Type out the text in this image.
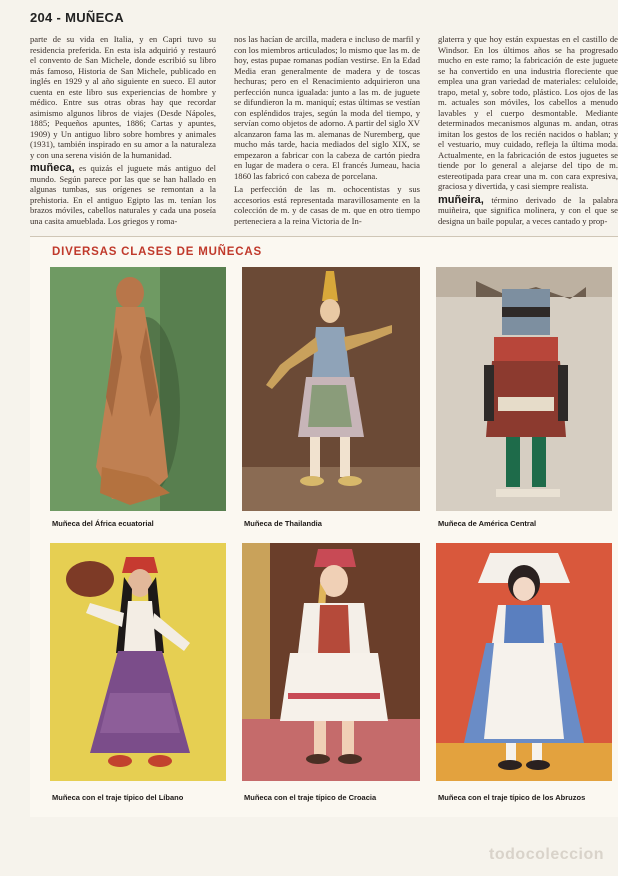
204 - MUÑECA

parte de su vida en Italia, y en Capri tuvo su residencia preferida. En esta isla adquirió y restauró el convento de San Michele, donde escribió su libro más famoso, Historia de San Michele, publicado en inglés en 1929 y al año siguiente en sueco. El autor cuenta en este libro sus experiencias de hombre y médico. Entre sus otras obras hay que recordar asimismo algunos libros de viajes (Desde Nápoles, 1885; Pequeños apuntes, 1886; Cartas y apuntes, 1909) y Un antiguo libro sobre hombres y animales (1931), también inspirado en su amor a la naturaleza y con una serena visión de la humanidad.

muñeca, es quizás el juguete más antiguo del mundo. Según parece por las que se han hallado en algunas tumbas, sus orígenes se remontan a la prehistoria. En el antiguo Egipto las m. tenían los brazos móviles, cabellos naturales y cada una poseía una casita amueblada. Los griegos y roma-

nos las hacían de arcilla, madera e incluso de marfil y con los miembros articulados; lo mismo que las m. de hoy, estas pupae romanas podían vestirse. En la Edad Media eran generalmente de madera y de toscas hechuras; pero en el Renacimiento adquirieron una perfección nunca igualada: junto a las m. de juguete se difundieron la m. maniquí; estas últimas se vestían con espléndidos trajes, según la moda del tiempo, y servían como objetos de adorno. A partir del siglo XV alcanzaron fama las m. alemanas de Nuremberg, que mucho más tarde, hacia mediados del siglo XIX, se empezaron a fabricar con la cabeza de cartón piedra en lugar de madera o cera. El francés Jumeau, hacia 1860 las fabricó con cabeza de porcelana.

La perfección de las m. ochocentistas y sus accesorios está representada maravillosamente en la colección de m. y de casas de m. que en otro tiempo perteneciera a la reina Victoria de In-

glaterra y que hoy están expuestas en el castillo de Windsor. En los últimos años se ha progresado mucho en este ramo; la fabricación de este juguete se ha convertido en una industria floreciente que emplea una gran variedad de materiales: celuloide, trapo, metal y, sobre todo, plástico. Los ojos de las m. actuales son móviles, los cabellos a menudo lavables y el cuerpo desmontable. Mediante determinados mecanismos algunas m. andan, otras imitan los gestos de los recién nacidos o hablan; y el vestuario, muy cuidado, refleja la última moda. Actualmente, en la fabricación de estos juguetes se tiende por lo general a alejarse del tipo de m. estereotipada para crear una m. con cara expresiva, graciosa y divertida, y casi siempre realista.

muñeira, término derivado de la palabra muiñeira, que significa molinera, y con el que se designa un baile popular, a veces cantado y prop-

DIVERSAS CLASES DE MUÑECAS
Muñeca del África ecuatorial	Muñeca de Thailandia	Muñeca de América Central
Muñeca con el traje típico del Líbano	Muñeca con el traje típico de Croacia	Muñeca con el traje típico de los Abruzos
todocoleccion
